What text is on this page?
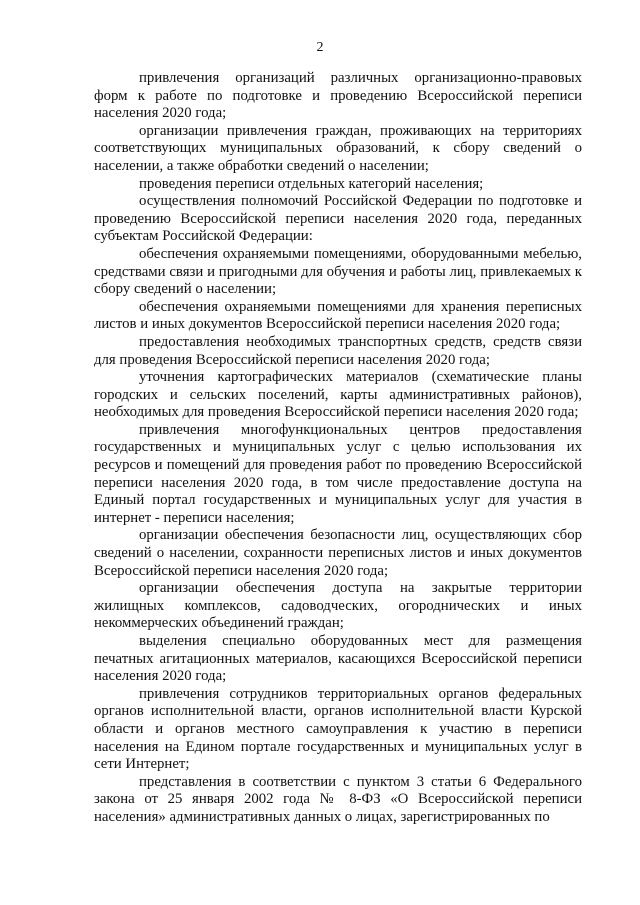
2

привлечения организаций различных организационно-правовых форм к работе по подготовке и проведению Всероссийской переписи населения 2020 года;

организации привлечения граждан, проживающих на территориях соответствующих муниципальных образований, к сбору сведений о населении, а также обработки сведений о населении;

проведения переписи отдельных категорий населения;

осуществления полномочий Российской Федерации по подготовке и проведению Всероссийской переписи населения 2020 года, переданных субъектам Российской Федерации:

обеспечения охраняемыми помещениями, оборудованными мебелью, средствами связи и пригодными для обучения и работы лиц, привлекаемых к сбору сведений о населении;

обеспечения охраняемыми помещениями для хранения переписных листов и иных документов Всероссийской переписи населения 2020 года;

предоставления необходимых транспортных средств, средств связи для проведения Всероссийской переписи населения 2020 года;

уточнения картографических материалов (схематические планы городских и сельских поселений, карты административных районов), необходимых для проведения Всероссийской переписи населения 2020 года;

привлечения многофункциональных центров предоставления государственных и муниципальных услуг с целью использования их ресурсов и помещений для проведения работ по проведению Всероссийской переписи населения 2020 года, в том числе предоставление доступа на Единый портал государственных и муниципальных услуг для участия в интернет - переписи населения;

организации обеспечения безопасности лиц, осуществляющих сбор сведений о населении, сохранности переписных листов и иных документов Всероссийской переписи населения 2020 года;

организации обеспечения доступа на закрытые территории жилищных комплексов, садоводческих, огороднических и иных некоммерческих объединений граждан;

выделения специально оборудованных мест для размещения печатных агитационных материалов, касающихся Всероссийской переписи населения 2020 года;

привлечения сотрудников территориальных органов федеральных органов исполнительной власти, органов исполнительной власти Курской области и органов местного самоуправления к участию в переписи населения на Едином портале государственных и муниципальных услуг в сети Интернет;

представления в соответствии с пунктом 3 статьи 6 Федерального закона от 25 января 2002 года № 8-ФЗ «О Всероссийской переписи населения» административных данных о лицах, зарегистрированных по
